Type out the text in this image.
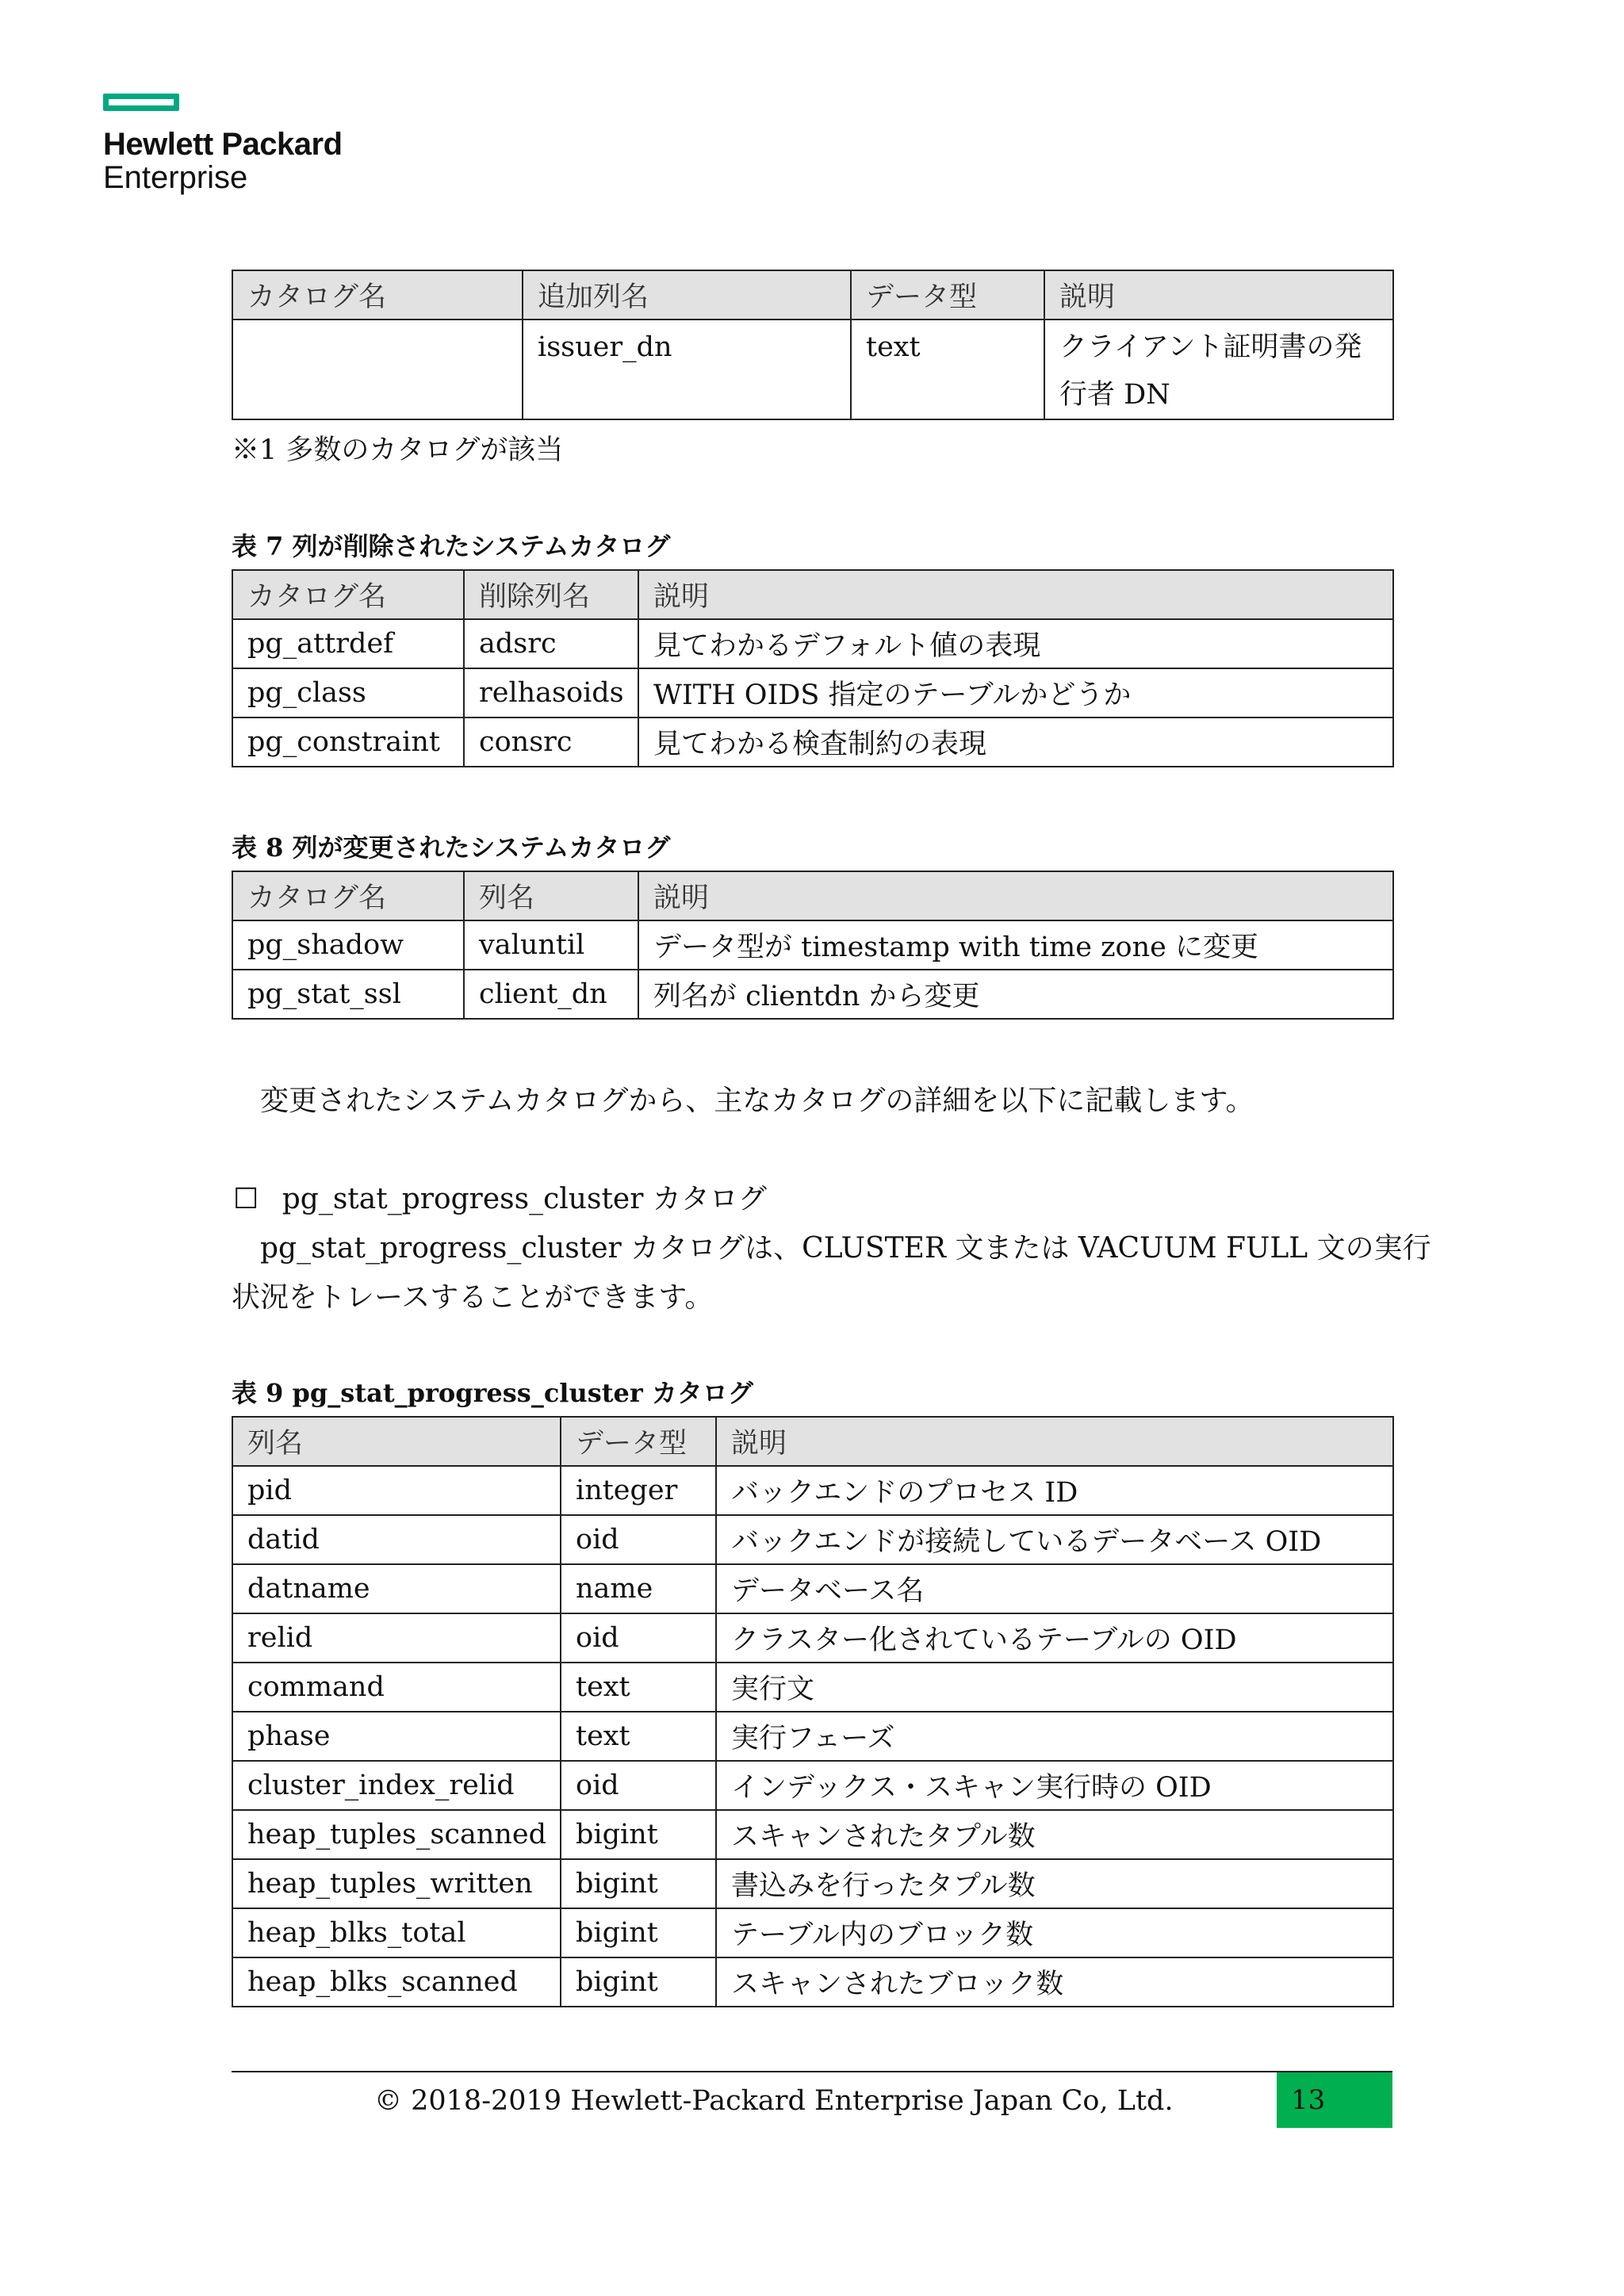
Hewlett Packard
Enterprise
カタログ名	追加列名	データ型	説明
	issuer_dn	text	クライアント証明書の発行者 DN
※1 多数のカタログが該当
表 7 列が削除されたシステムカタログ
カタログ名	削除列名	説明
pg_attrdef	adsrc	見てわかるデフォルト値の表現
pg_class	relhasoids	WITH OIDS 指定のテーブルかどうか
pg_constraint	consrc	見てわかる検査制約の表現
表 8 列が変更されたシステムカタログ
カタログ名	列名	説明
pg_shadow	valuntil	データ型が timestamp with time zone に変更
pg_stat_ssl	client_dn	列名が clientdn から変更
変更されたシステムカタログから、主なカタログの詳細を以下に記載します。
☐ pg_stat_progress_cluster カタログ
pg_stat_progress_cluster カタログは、CLUSTER 文または VACUUM FULL 文の実行
状況をトレースすることができます。
表 9 pg_stat_progress_cluster カタログ
列名	データ型	説明
pid	integer	バックエンドのプロセス ID
datid	oid	バックエンドが接続しているデータベース OID
datname	name	データベース名
relid	oid	クラスター化されているテーブルの OID
command	text	実行文
phase	text	実行フェーズ
cluster_index_relid	oid	インデックス・スキャン実行時の OID
heap_tuples_scanned	bigint	スキャンされたタプル数
heap_tuples_written	bigint	書込みを行ったタプル数
heap_blks_total	bigint	テーブル内のブロック数
heap_blks_scanned	bigint	スキャンされたブロック数
© 2018-2019 Hewlett-Packard Enterprise Japan Co, Ltd.	13
